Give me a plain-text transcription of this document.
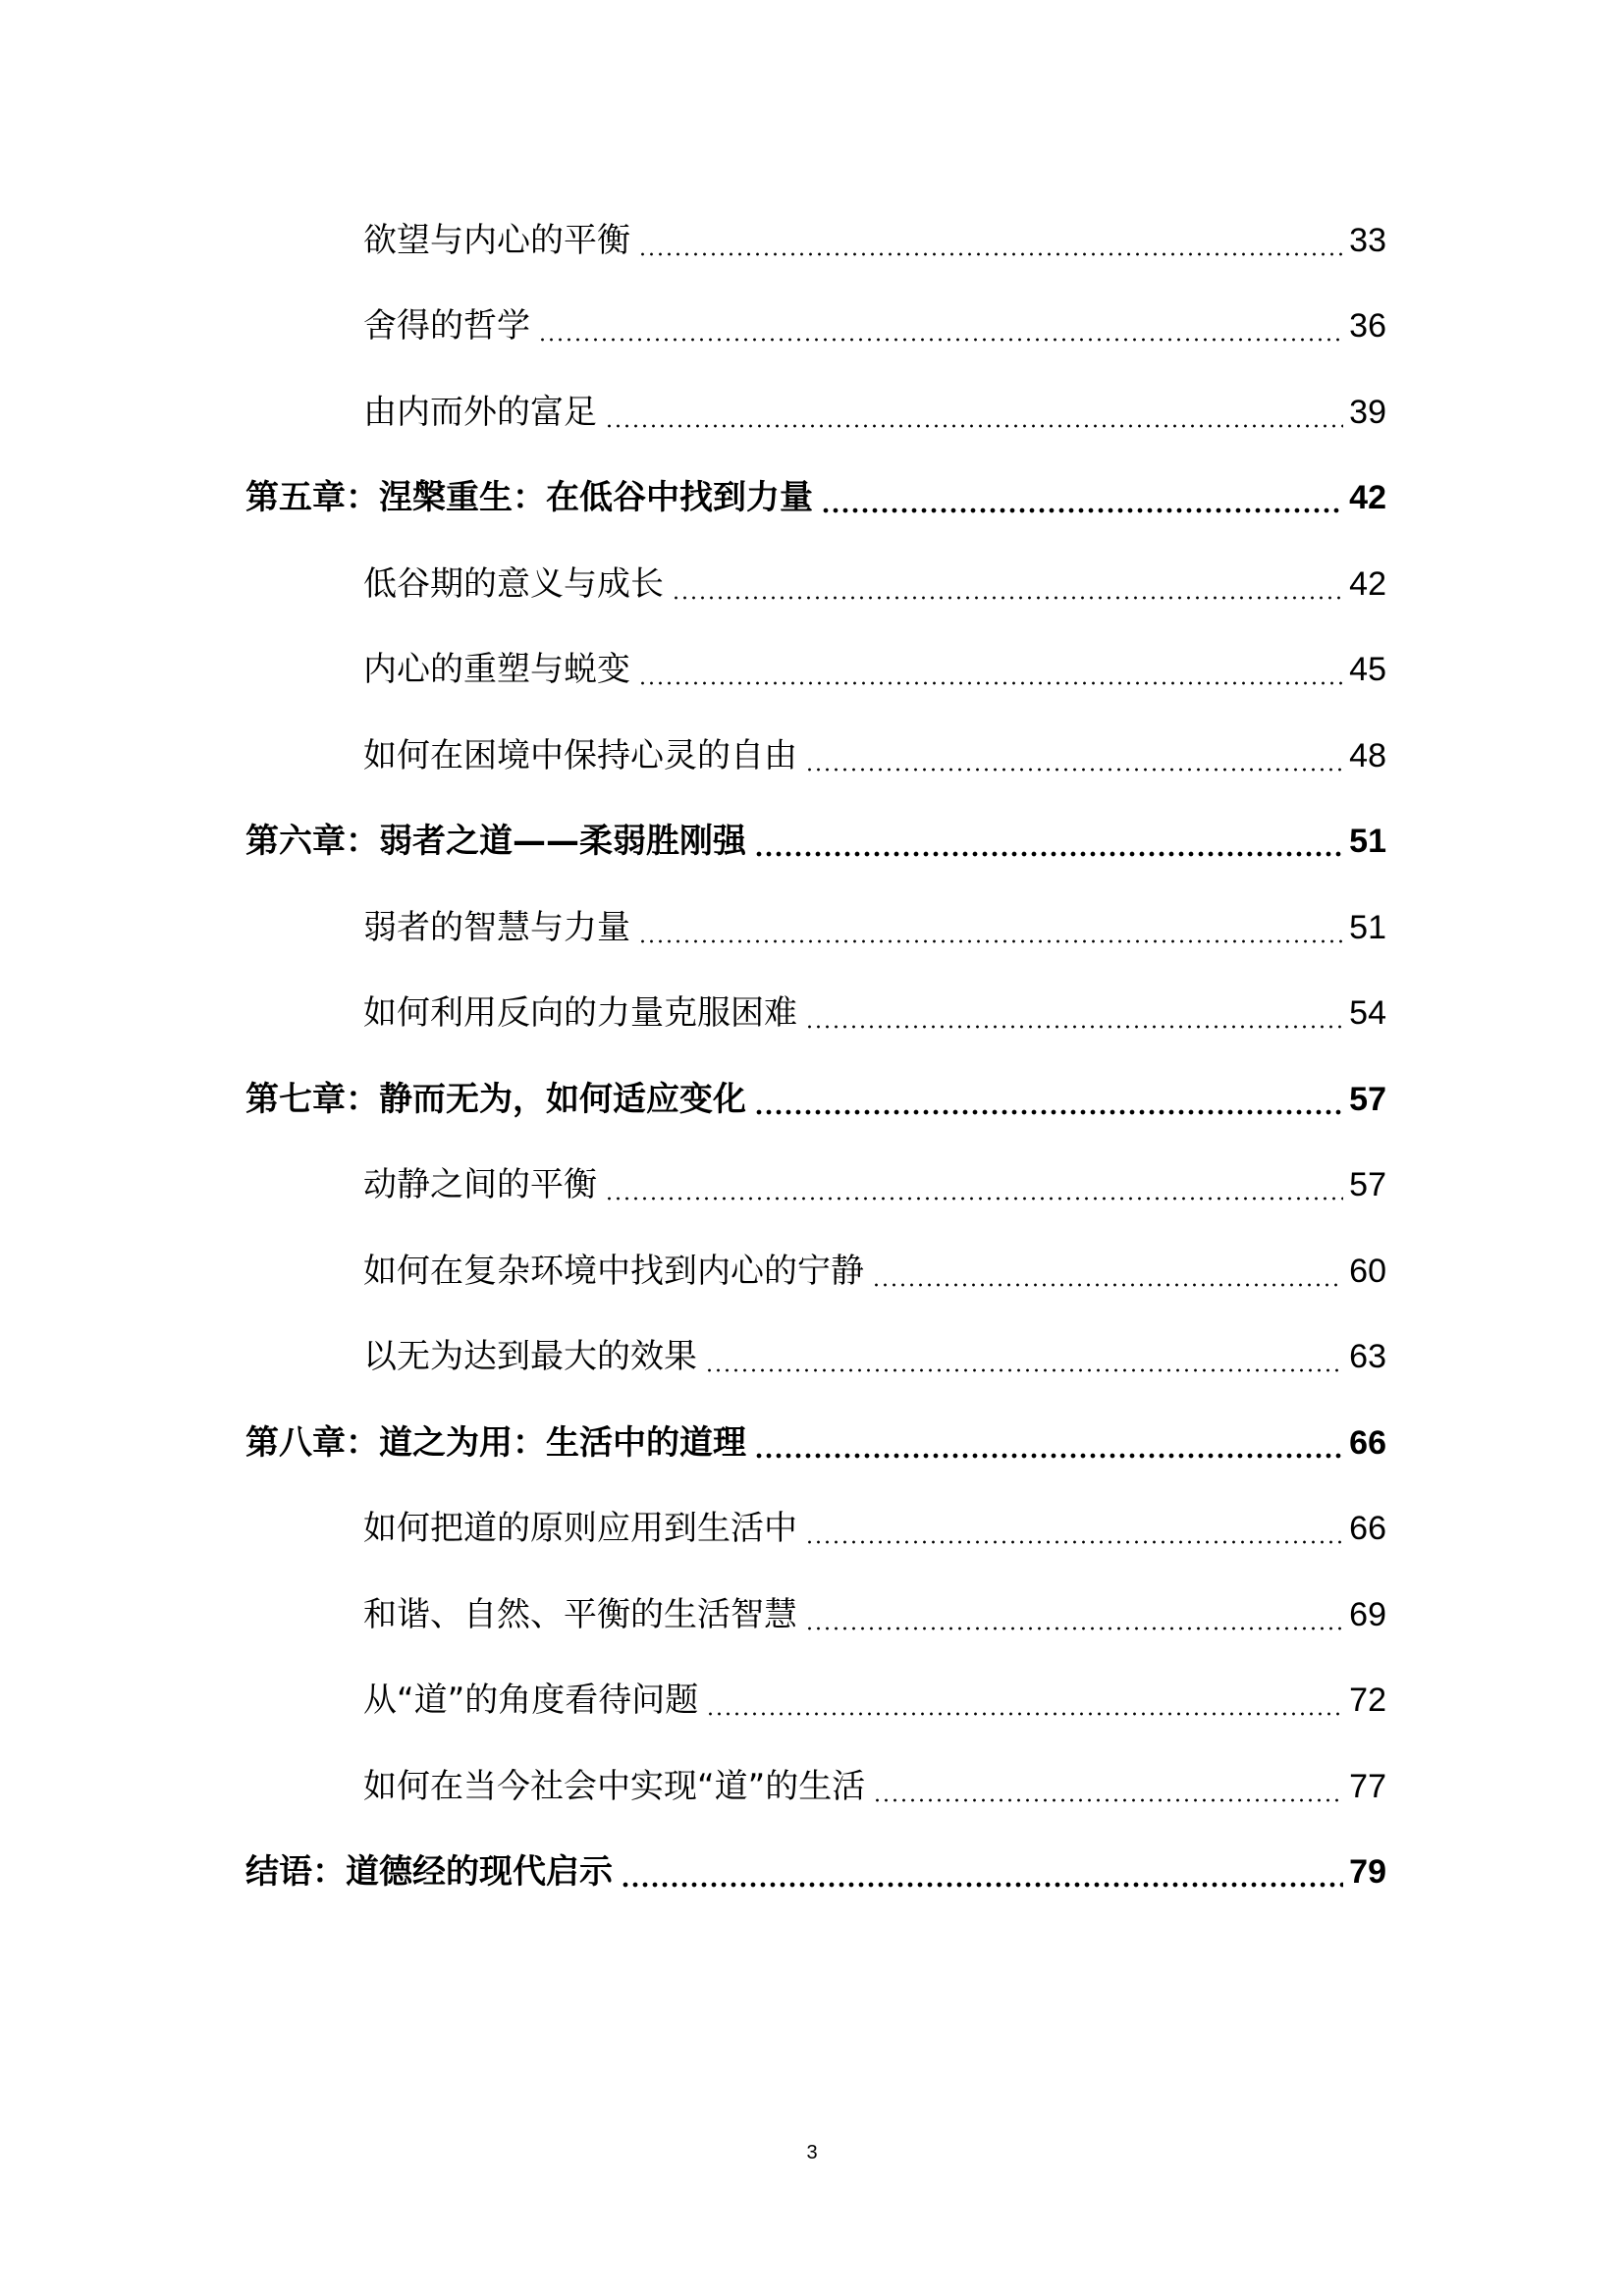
欲望与内心的平衡	33
舍得的哲学	36
由内而外的富足	39
第五章：涅槃重生：在低谷中找到力量	42
低谷期的意义与成长	42
内心的重塑与蜕变	45
如何在困境中保持心灵的自由	48
第六章：弱者之道——柔弱胜刚强	51
弱者的智慧与力量	51
如何利用反向的力量克服困难	54
第七章：静而无为，如何适应变化	57
动静之间的平衡	57
如何在复杂环境中找到内心的宁静	60
以无为达到最大的效果	63
第八章：道之为用：生活中的道理	66
如何把道的原则应用到生活中	66
和谐、自然、平衡的生活智慧	69
从“道”的角度看待问题	72
如何在当今社会中实现“道”的生活	77
结语：道德经的现代启示	79
3
